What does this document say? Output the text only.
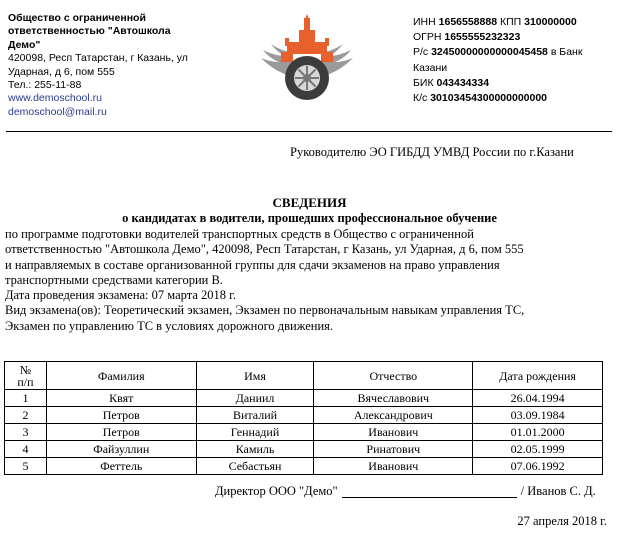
Общество с ограниченной
ответственностью "Автошкола
Демо"
420098, Респ Татарстан, г Казань, ул
Ударная, д 6, пом 555
Тел.: 255-11-88
www.demoschool.ru
demoschool@mail.ru
ИНН 1656558888 КПП 310000000
ОГРН 1655555232323
Р/с 32450000000000045458 в Банк
Казани
БИК 043434334
К/с 30103454300000000000
Руководителю ЭО ГИБДД УМВД России по г.Казани
СВЕДЕНИЯ
о кандидатах в водители, прошедших профессиональное обучение

по программе подготовки водителей транспортных средств в Общество с ограниченной

ответственностью "Автошкола Демо", 420098, Респ Татарстан, г Казань, ул Ударная, д 6, пом 555

и направляемых в составе организованной группы для сдачи экзаменов на право управления

транспортными средствами категории B.

Дата проведения экзамена: 07 марта 2018 г.

Вид экзамена(ов): Теоретический экзамен, Экзамен по первоначальным навыкам управления ТС,

Экзамен по управлению ТС в условиях дорожного движения.

№
п/п	Фамилия	Имя	Отчество	Дата рождения
1	Квят	Даниил	Вячеславович	26.04.1994
2	Петров	Виталий	Александрович	03.09.1984
3	Петров	Геннадий	Иванович	01.01.2000
4	Файзуллин	Камиль	Ринатович	02.05.1999
5	Феттель	Себастьян	Иванович	07.06.1992
Директор ООО "Демо"	/ Иванов С. Д.
27 апреля 2018 г.
